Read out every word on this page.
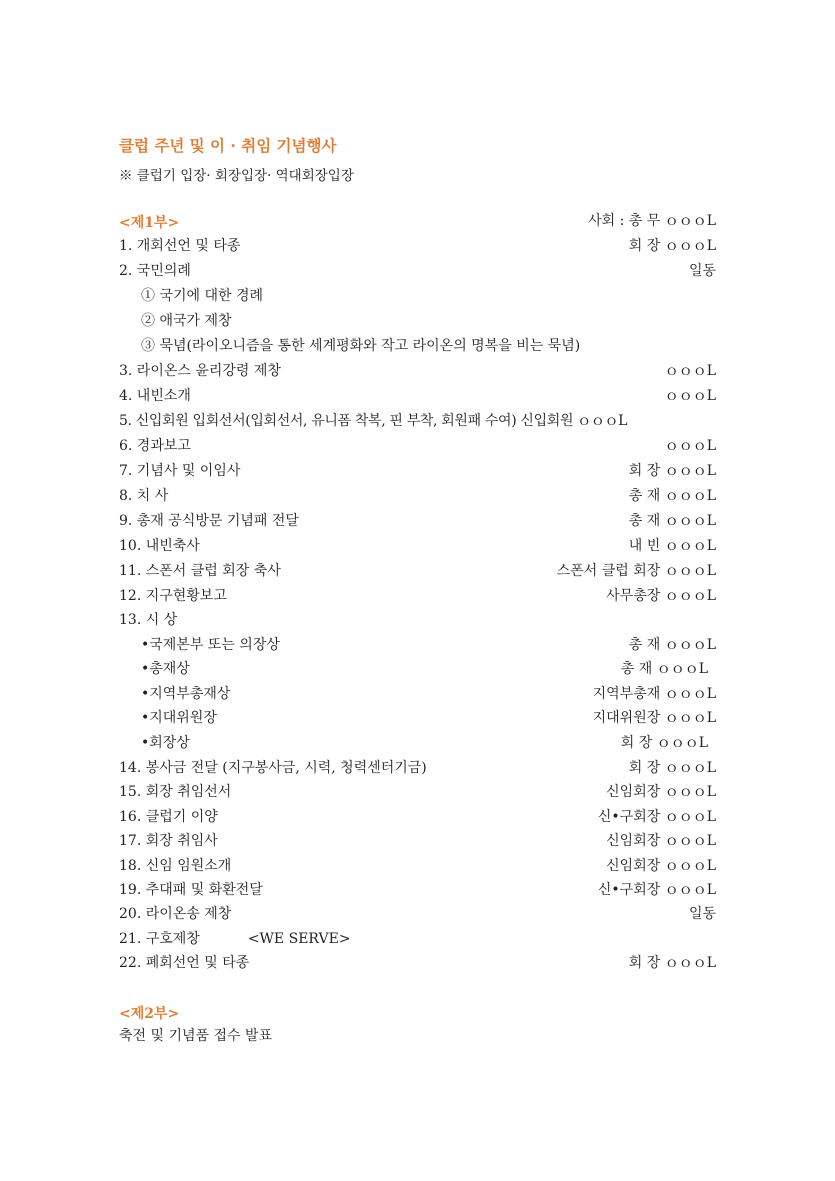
클럽 주년 및 이 · 취임 기념행사
※ 클럽기 입장· 회장입장· 역대회장입장
<제1부>	사회 : 총 무 ｏｏｏL
1. 개회선언 및 타종	회 장 ｏｏｏL
2. 국민의례	일동
① 국기에 대한 경례
② 애국가 제창
③ 묵념(라이오니즘을 통한 세계평화와 작고 라이온의 명복을 비는 묵념)
3. 라이온스 윤리강령 제창	ｏｏｏL
4. 내빈소개	ｏｏｏL
5. 신입회원 입회선서(입회선서, 유니폼 착복, 핀 부착, 회원패 수여) 신입회원 ｏｏｏL
6. 경과보고	ｏｏｏL
7. 기념사 및 이임사	회 장 ｏｏｏL
8. 치 사	총 재 ｏｏｏL
9. 총재 공식방문 기념패 전달	총 재 ｏｏｏL
10. 내빈축사	내 빈 ｏｏｏL
11. 스폰서 클럽 회장 축사	스폰서 클럽 회장 ｏｏｏL
12. 지구현황보고	사무총장 ｏｏｏL
13. 시 상
•국제본부 또는 의장상	총 재 ｏｏｏL
•총재상	총 재 ｏｏｏL
•지역부총재상	지역부총재 ｏｏｏL
•지대위원장	지대위원장 ｏｏｏL
•회장상	회 장 ｏｏｏL
14. 봉사금 전달 (지구봉사금, 시력, 청력센터기금)	회 장 ｏｏｏL
15. 회장 취임선서	신임회장 ｏｏｏL
16. 클럽기 이양	신•구회장 ｏｏｏL
17. 회장 취임사	신임회장 ｏｏｏL
18. 신임 임원소개	신임회장 ｏｏｏL
19. 추대패 및 화환전달	신•구회장 ｏｏｏL
20. 라이온송 제창	일동
21. 구호제창	<WE SERVE>
22. 폐회선언 및 타종	회 장 ｏｏｏL
<제2부>
축전 및 기념품 접수 발표
